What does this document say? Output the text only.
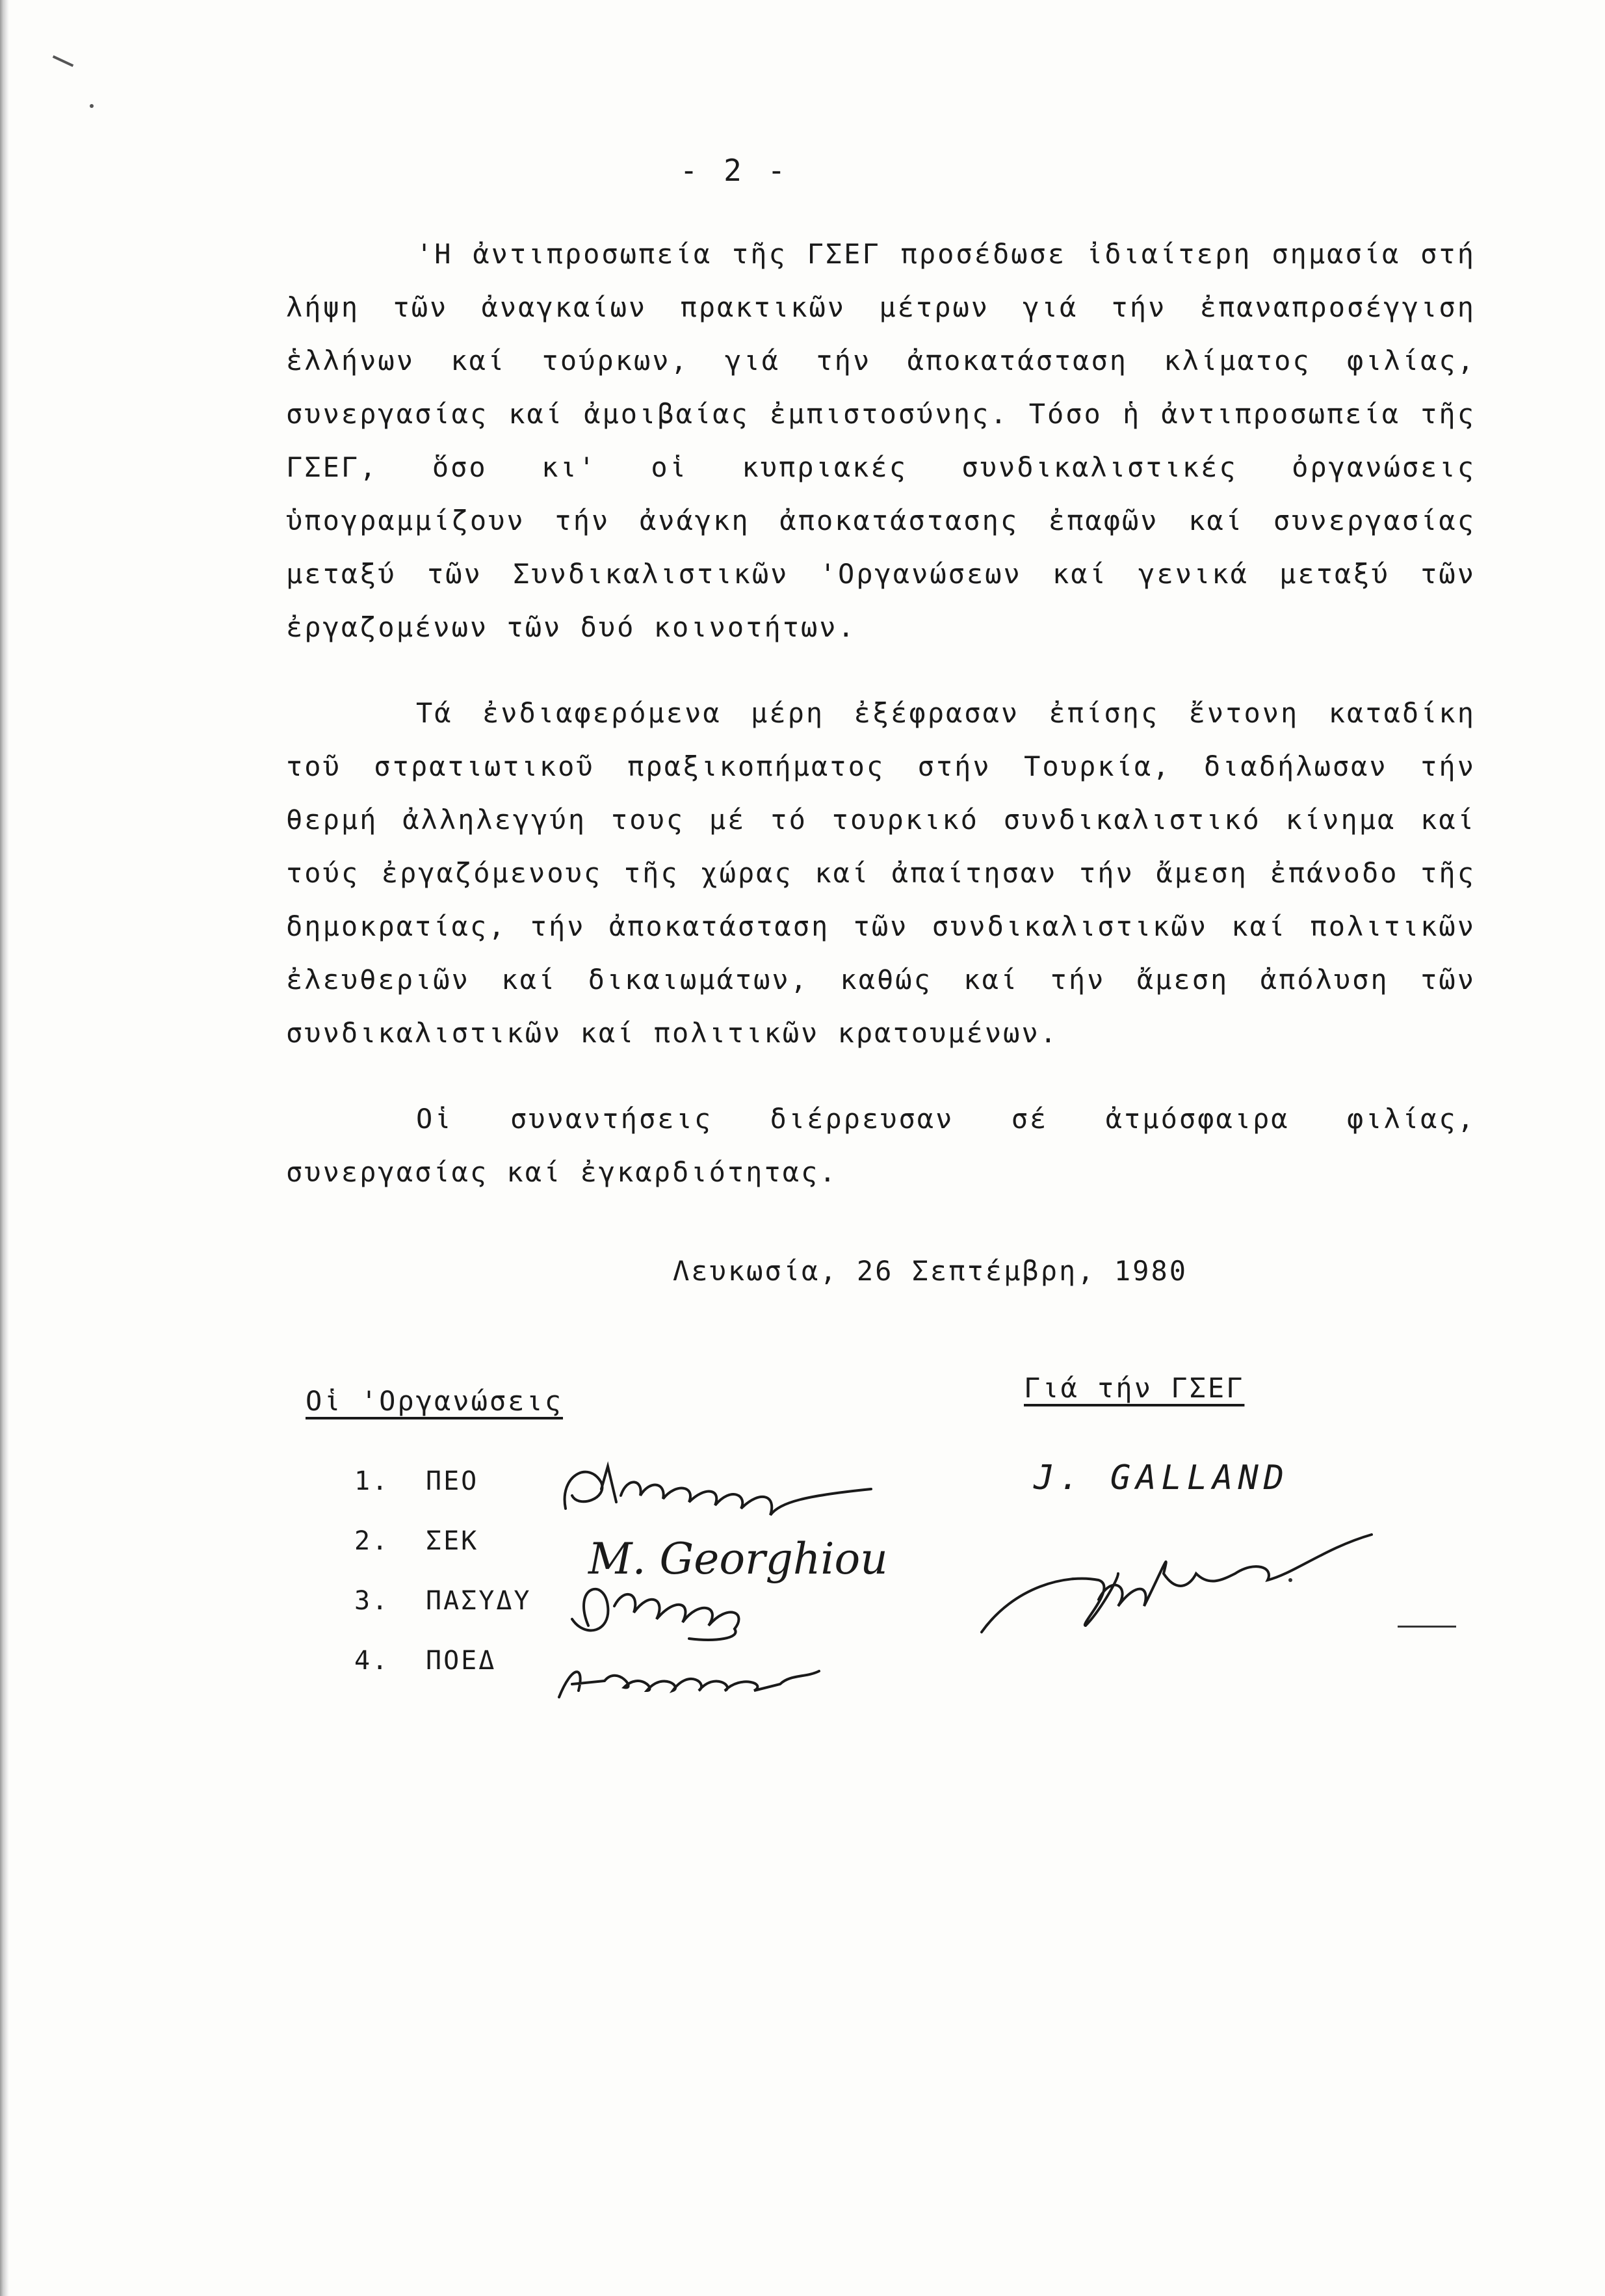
- 2 -

'Η ἀντιπροσωπεία τῆς ΓΣΕΓ προσέδωσε ἰδιαίτερη σημασία στή λήψη τῶν ἀναγκαίων πρακτικῶν μέτρων γιά τήν ἐπαναπροσέγγιση ἑλλήνων καί τούρκων, γιά τήν ἀποκατάσταση κλίματος φιλίας, συνεργασίας καί ἀμοιβαίας ἐμπιστοσύνης. Τόσο ἡ ἀντιπροσωπεία τῆς ΓΣΕΓ, ὅσο κι' οἱ κυπριακές συνδικαλιστικές ὀργανώσεις ὑπογραμμίζουν τήν ἀνάγκη ἀποκατάστασης ἐπαφῶν καί συνεργασίας μεταξύ τῶν Συνδικαλιστικῶν 'Οργανώσεων καί γενικά μεταξύ τῶν ἐργαζομένων τῶν δυό κοινοτήτων.

Τά ἐνδιαφερόμενα μέρη ἐξέφρασαν ἐπίσης ἔντονη καταδίκη τοῦ στρατιωτικοῦ πραξικοπήματος στήν Τουρκία, διαδήλωσαν τήν θερμή ἀλληλεγγύη τους μέ τό τουρκικό συνδικαλιστικό κίνημα καί τούς ἐργαζόμενους τῆς χώρας καί ἀπαίτησαν τήν ἄμεση ἐπάνοδο τῆς δημοκρατίας, τήν ἀποκατάσταση τῶν συνδικαλιστικῶν καί πολιτικῶν ἐλευθεριῶν καί δικαιωμάτων, καθώς καί τήν ἄμεση ἀπόλυση τῶν συνδικαλιστικῶν καί πολιτικῶν κρατουμένων.

Οἱ συναντήσεις διέρρευσαν σέ ἀτμόσφαιρα φιλίας, συνεργασίας καί ἐγκαρδιότητας.

Λευκωσία, 26 Σεπτέμβρη, 1980
Οἱ 'Οργανώσεις	Γιά τήν ΓΣΕΓ
1.	ΠΕΟ
2.	ΣΕΚ
3.	ΠΑΣΥΔΥ
4.	ΠΟΕΔ
M. Georghiou
J. GALLAND
